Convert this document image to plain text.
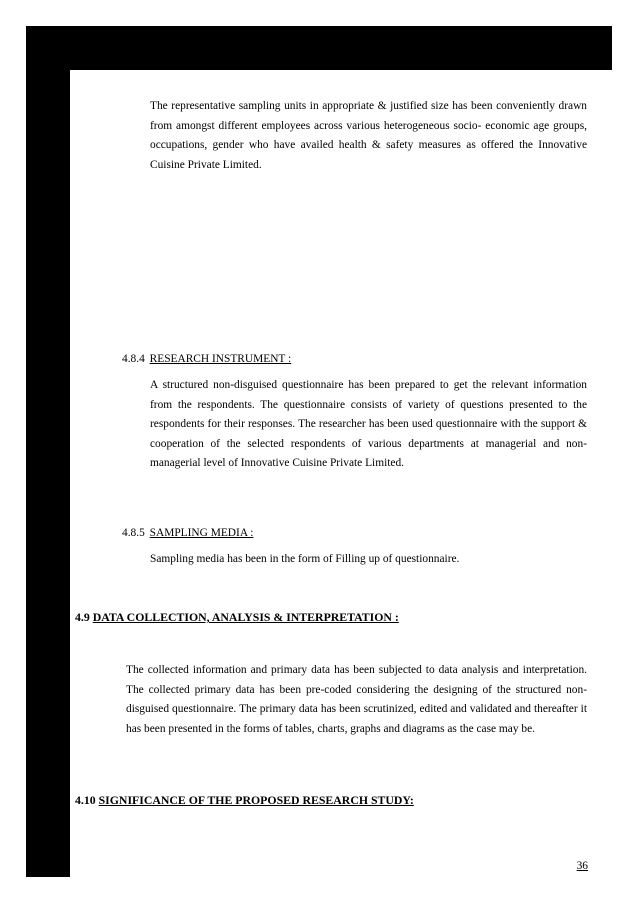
The representative sampling units in appropriate & justified size has been conveniently drawn from amongst different employees across various heterogeneous socio- economic age groups, occupations, gender who have availed health & safety measures as offered the Innovative Cuisine Private Limited.

4.8.4 RESEARCH INSTRUMENT :

A structured non-disguised questionnaire has been prepared to get the relevant information from the respondents. The questionnaire consists of variety of questions presented to the respondents for their responses. The researcher has been used questionnaire with the support & cooperation of the selected respondents of various departments at managerial and non-managerial level of Innovative Cuisine Private Limited.

4.8.5 SAMPLING MEDIA :

Sampling media has been in the form of Filling up of questionnaire.

4.9 DATA COLLECTION, ANALYSIS & INTERPRETATION :

The collected information and primary data has been subjected to data analysis and interpretation. The collected primary data has been pre-coded considering the designing of the structured non-disguised questionnaire. The primary data has been scrutinized, edited and validated and thereafter it has been presented in the forms of tables, charts, graphs and diagrams as the case may be.

4.10 SIGNIFICANCE OF THE PROPOSED RESEARCH STUDY:

36
